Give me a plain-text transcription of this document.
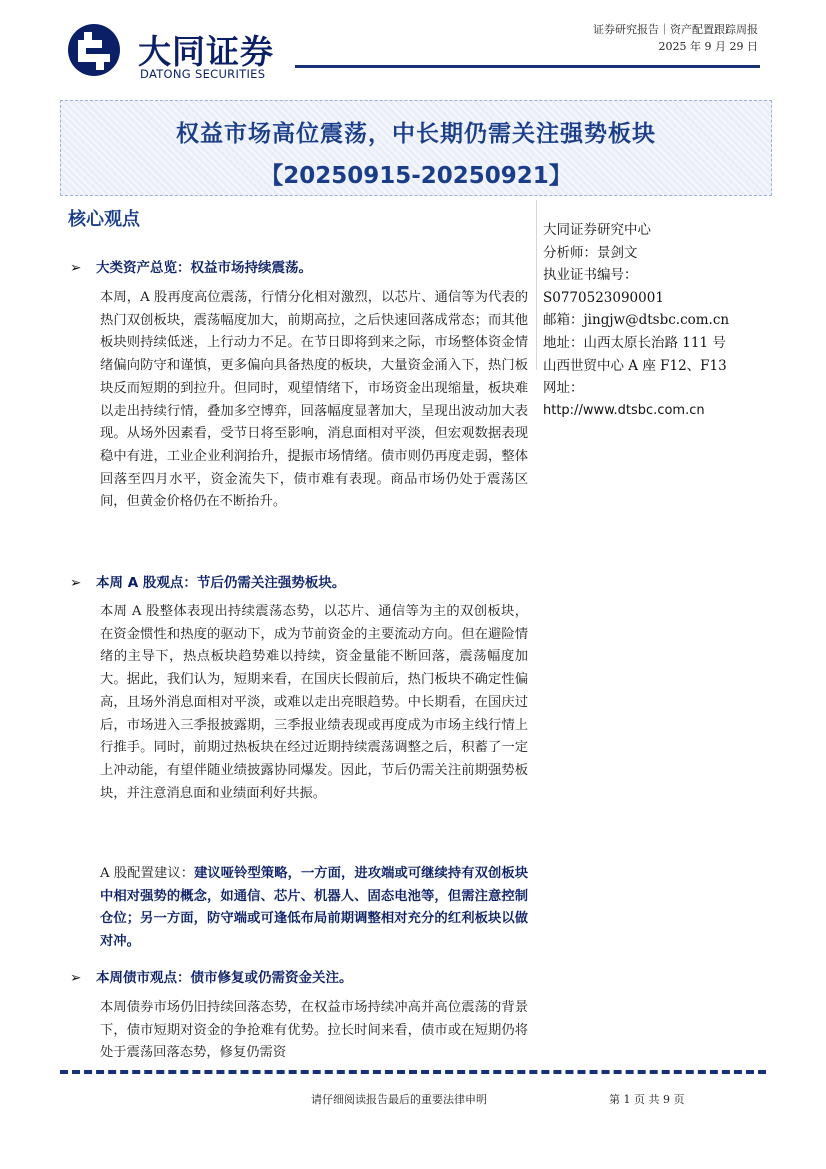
大同证券
DATONG SECURITIES
证券研究报告｜资产配置跟踪周报
2025 年 9 月 29 日
权益市场高位震荡，中长期仍需关注强势板块
【20250915-20250921】
核心观点	大同证券研究中心
分析师：景剑文
执业证书编号：
S0770523090001
邮箱：jingjw@dtsbc.com.cn
地址：山西太原长治路 111 号
山西世贸中心 A 座 F12、F13
网址：
http://www.dtsbc.com.cn
➢ 大类资产总览：权益市场持续震荡。
本周，A 股再度高位震荡，行情分化相对激烈，以芯片、通信等为代表的热门双创板块，震荡幅度加大，前期高拉，之后快速回落成常态；而其他板块则持续低迷，上行动力不足。在节日即将到来之际，市场整体资金情绪偏向防守和谨慎，更多偏向具备热度的板块，大量资金涌入下，热门板块反而短期的到拉升。但同时，观望情绪下，市场资金出现缩量，板块难以走出持续行情，叠加多空博弈，回落幅度显著加大，呈现出波动加大表现。从场外因素看，受节日将至影响，消息面相对平淡，但宏观数据表现稳中有进，工业企业利润抬升，提振市场情绪。债市则仍再度走弱，整体回落至四月水平，资金流失下，债市难有表现。商品市场仍处于震荡区间，但黄金价格仍在不断抬升。
➢ 本周 A 股观点：节后仍需关注强势板块。
本周 A 股整体表现出持续震荡态势，以芯片、通信等为主的双创板块，在资金惯性和热度的驱动下，成为节前资金的主要流动方向。但在避险情绪的主导下，热点板块趋势难以持续，资金量能不断回落，震荡幅度加大。据此，我们认为，短期来看，在国庆长假前后，热门板块不确定性偏高，且场外消息面相对平淡，或难以走出亮眼趋势。中长期看，在国庆过后，市场进入三季报披露期，三季报业绩表现或再度成为市场主线行情上行推手。同时，前期过热板块在经过近期持续震荡调整之后，积蓄了一定上冲动能，有望伴随业绩披露协同爆发。因此，节后仍需关注前期强势板块，并注意消息面和业绩面利好共振。
A 股配置建议：建议哑铃型策略，一方面，进攻端或可继续持有双创板块中相对强势的概念，如通信、芯片、机器人、固态电池等，但需注意控制仓位；另一方面，防守端或可逢低布局前期调整相对充分的红利板块以做对冲。
➢ 本周债市观点：债市修复或仍需资金关注。
本周债券市场仍旧持续回落态势，在权益市场持续冲高并高位震荡的背景下，债市短期对资金的争抢难有优势。拉长时间来看，债市或在短期仍将处于震荡回落态势，修复仍需资
请仔细阅读报告最后的重要法律申明	第 1 页 共 9 页
